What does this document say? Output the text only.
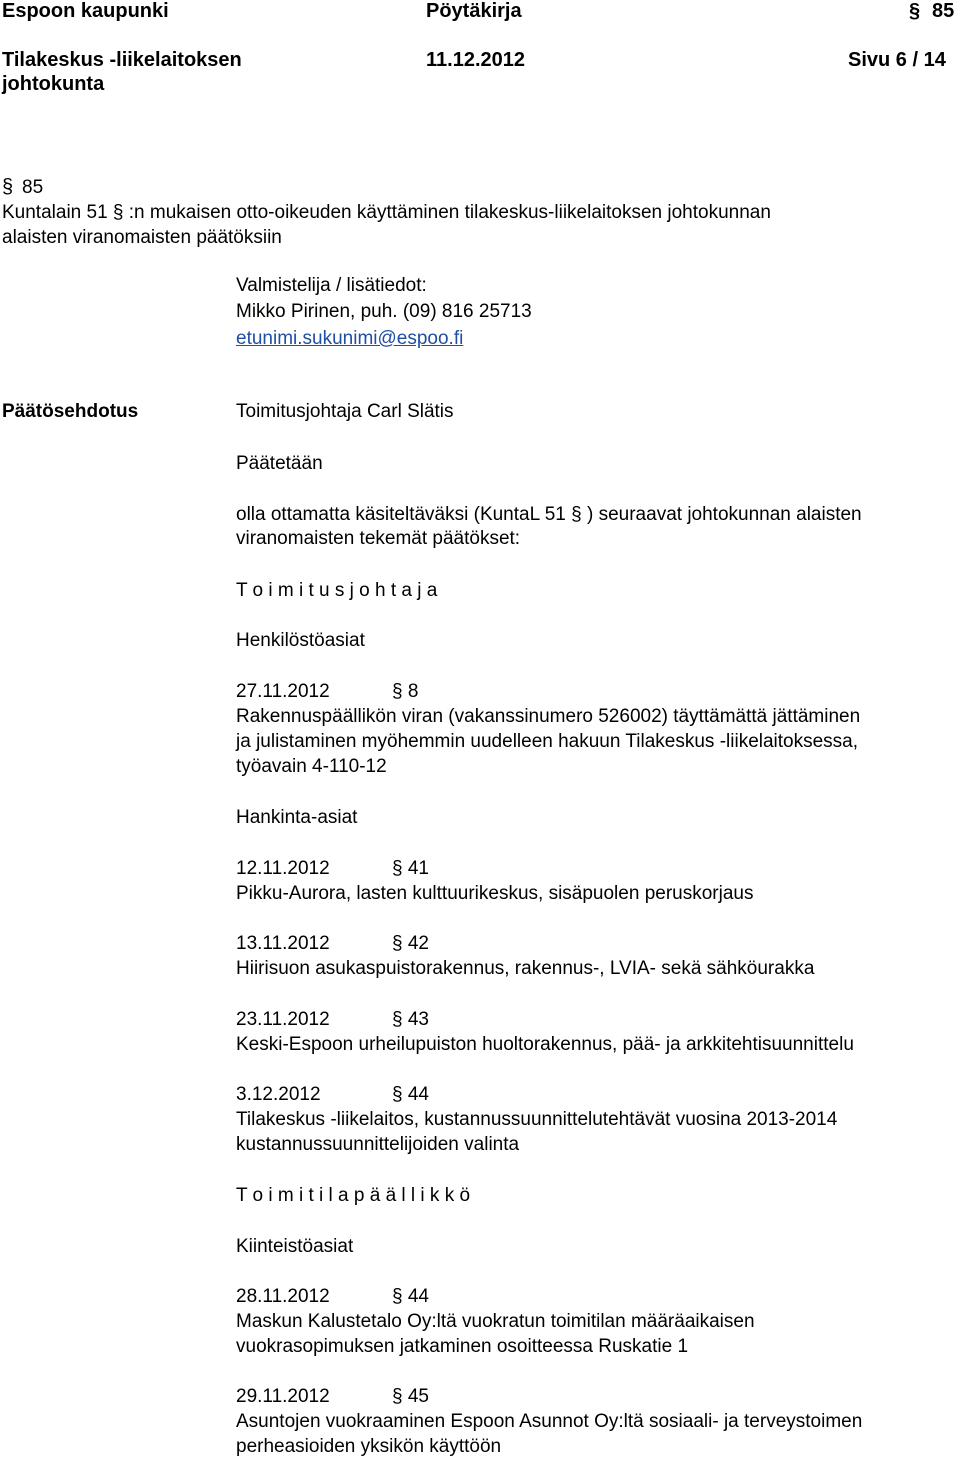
Espoon kaupunki	Pöytäkirja	§ 85
Tilakeskus -liikelaitoksen
johtokunta
11.12.2012	Sivu 6 / 14
§ 85
Kuntalain 51 § :n mukaisen otto-oikeuden käyttäminen tilakeskus-liikelaitoksen johtokunnan
alaisten viranomaisten päätöksiin
Valmistelija / lisätiedot:
Mikko Pirinen, puh. (09) 816 25713
etunimi.sukunimi@espoo.fi
Päätösehdotus	Toimitusjohtaja Carl Slätis
Päätetään
olla ottamatta käsiteltäväksi (KuntaL 51 § ) seuraavat johtokunnan alaisten
viranomaisten tekemät päätökset:
T o i m i t u s j o h t a j a
Henkilöstöasiat
27.11.2012	§ 8
Rakennuspäällikön viran (vakanssinumero 526002) täyttämättä jättäminen
ja julistaminen myöhemmin uudelleen hakuun Tilakeskus -liikelaitoksessa,
työavain 4-110-12
Hankinta-asiat
12.11.2012	§ 41
Pikku-Aurora, lasten kulttuurikeskus, sisäpuolen peruskorjaus
13.11.2012	§ 42
Hiirisuon asukaspuistorakennus, rakennus-, LVIA- sekä sähköurakka
23.11.2012	§ 43
Keski-Espoon urheilupuiston huoltorakennus, pää- ja arkkitehtisuunnittelu
3.12.2012	§ 44
Tilakeskus -liikelaitos, kustannussuunnittelutehtävät vuosina 2013-2014
kustannussuunnittelijoiden valinta
T o i m i t i l a p ä ä l l i k k ö
Kiinteistöasiat
28.11.2012	§ 44
Maskun Kalustetalo Oy:ltä vuokratun toimitilan määräaikaisen
vuokrasopimuksen jatkaminen osoitteessa Ruskatie 1
29.11.2012	§ 45
Asuntojen vuokraaminen Espoon Asunnot Oy:ltä sosiaali- ja terveystoimen
perheasioiden yksikön käyttöön
